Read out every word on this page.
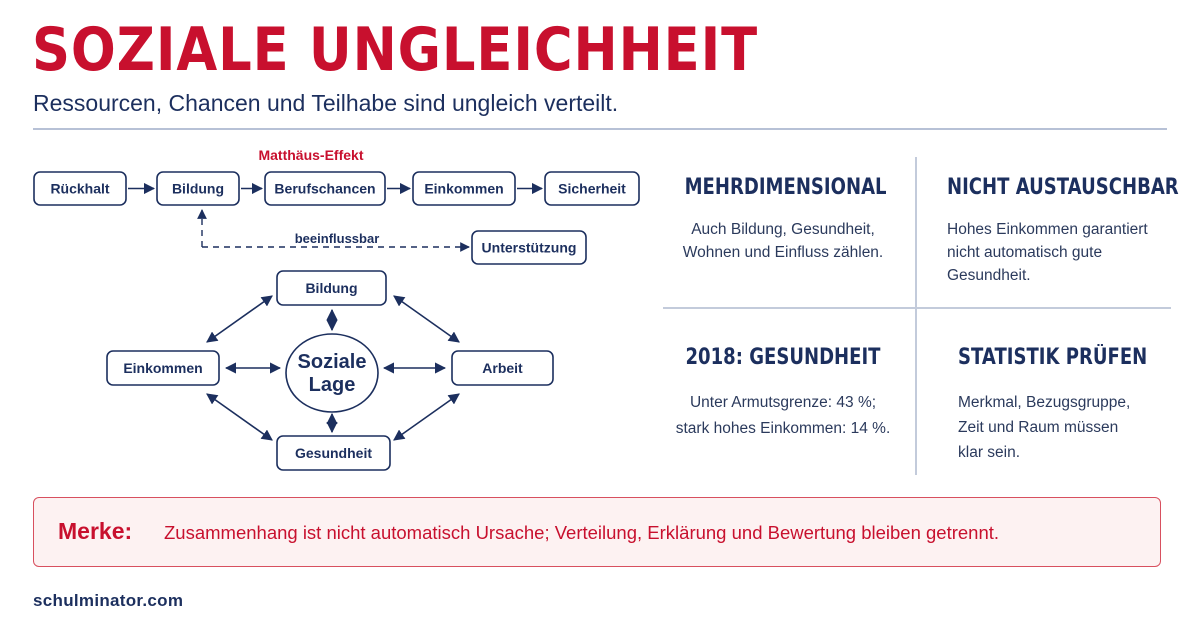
SOZIALE UNGLEICHHEIT
Ressourcen, Chancen und Teilhabe sind ungleich verteilt.
Matthäus-Effekt
Rückhalt	Bildung	Berufschancen	Einkommen	Sicherheit
beeinflussbar
Unterstützung
Bildung
Einkommen	Arbeit
Gesundheit
Soziale
Lage
MEHRDIMENSIONAL

Auch Bildung, Gesundheit,
Wohnen und Einfluss zählen.

NICHT AUSTAUSCHBAR

Hohes Einkommen garantiert
nicht automatisch gute
Gesundheit.

2018: GESUNDHEIT

Unter Armutsgrenze: 43 %;
stark hohes Einkommen: 14 %.

STATISTIK PRÜFEN

Merkmal, Bezugsgruppe,
Zeit und Raum müssen
klar sein.

Merke: Zusammenhang ist nicht automatisch Ursache; Verteilung, Erklärung und Bewertung bleiben getrennt.
schulminator.com
